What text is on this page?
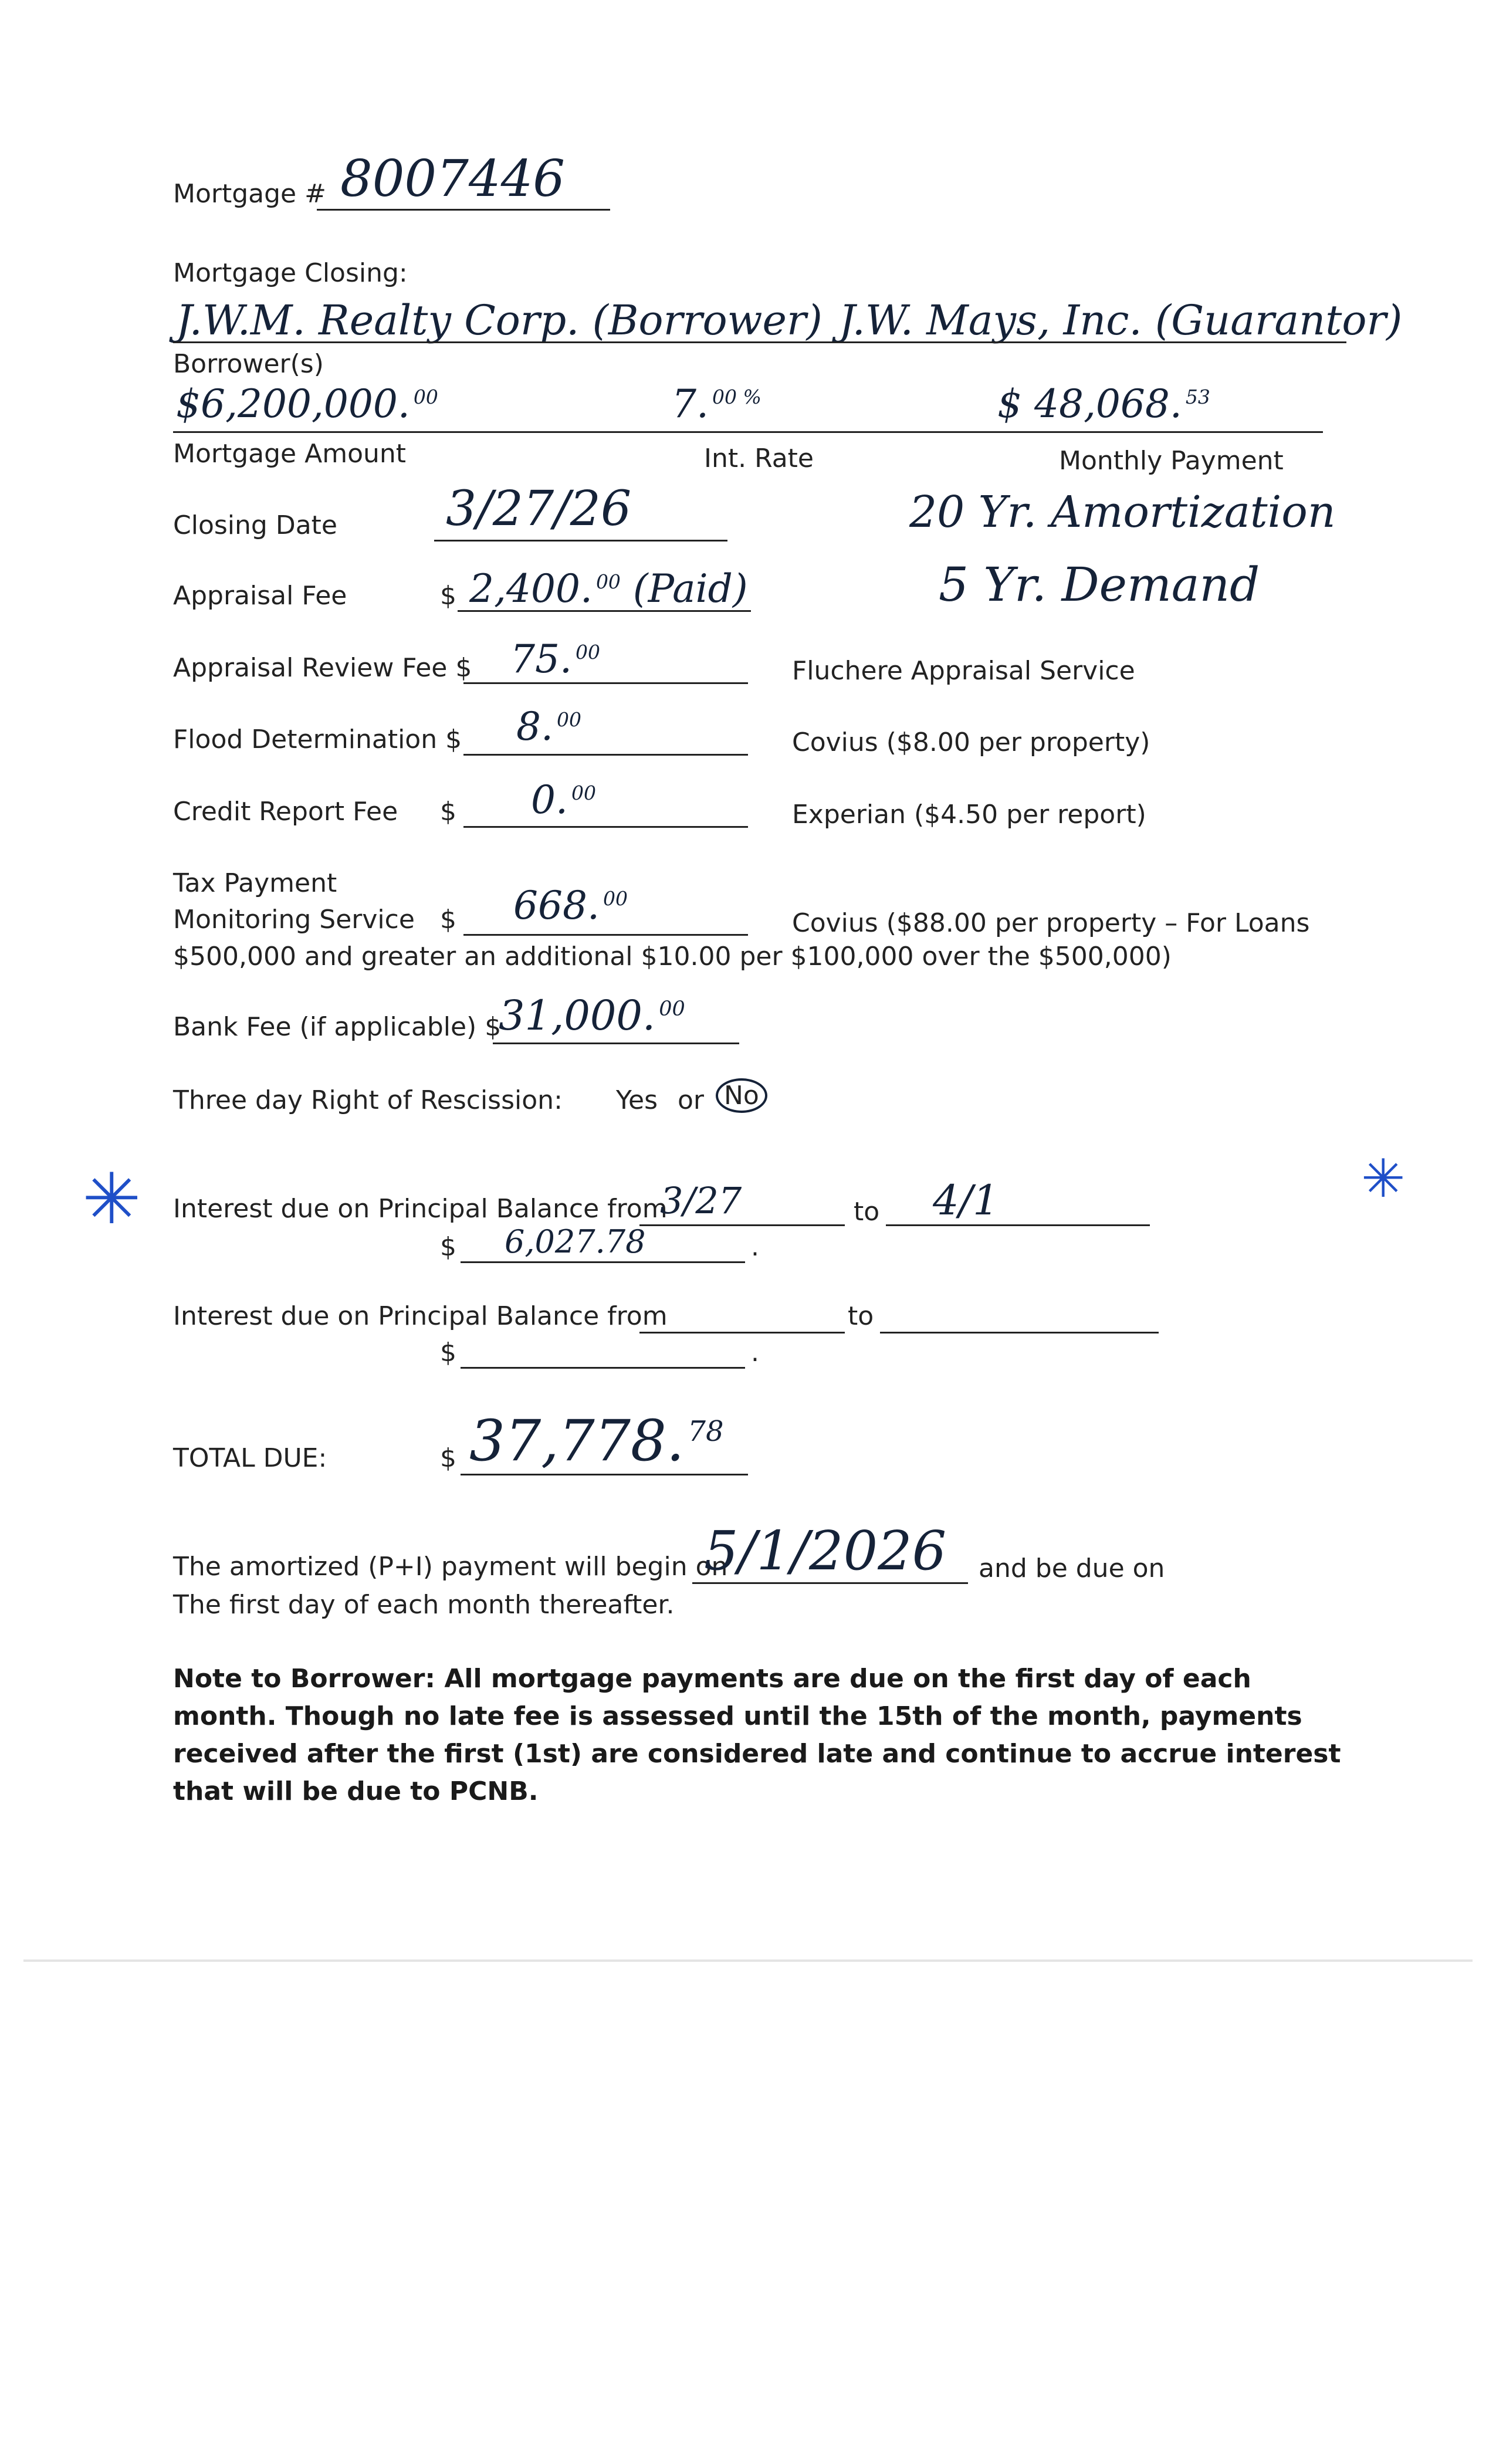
Mortgage # 8007446
Mortgage Closing:
J.W.M. Realty Corp. (Borrower) J.W. Mays, Inc. (Guarantor)
Borrower(s)
$6,200,000. $^{00}$	7. $^{00 \%}$	$ 48,068. $^{53}$
Mortgage Amount	Int. Rate	Monthly Payment
Closing Date 3/27/26	20 Yr. Amortization
Appraisal Fee	$ 2,400. $^{00}$ (Paid)	5 Yr. Demand
Appraisal Review Fee $ 75. $^{00}$
Fluchere Appraisal Service
Flood Determination $ 8. $^{00}$
Covius ($8.00 per property)
Credit Report Fee $ 0. $^{00}$
Experian ($4.50 per report)
Tax Payment
Monitoring Service $ 668. $^{00}$
Covius ($88.00 per property – For Loans
$500,000 and greater an additional $10.00 per $100,000 over the $500,000)
Bank Fee (if applicable) $
31,000. $^{00}$
Three day Right of Rescission: Yes or No
✳	✳
Interest due on Principal Balance from
3/27	to 4/1
$ 6,027.78	.
Interest due on Principal Balance from	to
$	.
TOTAL DUE:	$ 37,778. $^{78}$
The amortized (P+I) payment will begin on
5/1/2026 and be due on
The first day of each month thereafter.
Note to Borrower: All mortgage payments are due on the first day of each month. Though no late fee is assessed until the 15th of the month, payments received after the first (1st) are considered late and continue to accrue interest that will be due to PCNB.
